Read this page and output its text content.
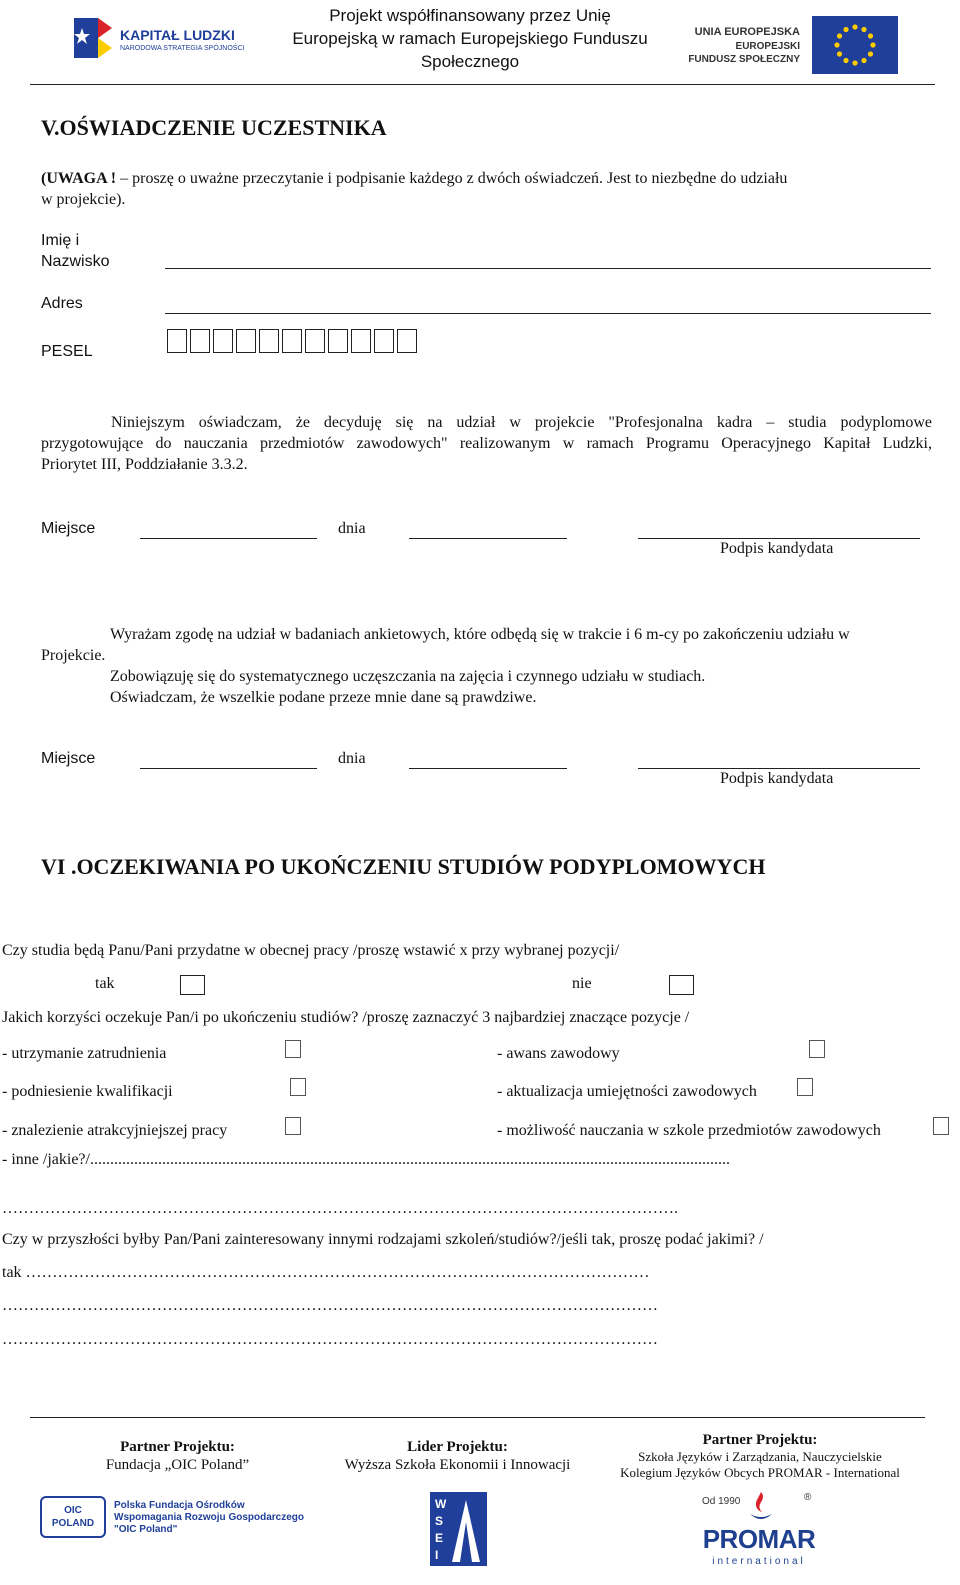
KAPITAŁ LUDZKI
NARODOWA STRATEGIA SPÓJNOŚCI
Projekt współfinansowany przez Unię
Europejską w ramach Europejskiego Funduszu
Społecznego
UNIA EUROPEJSKA
EUROPEJSKI
FUNDUSZ SPOŁECZNY
V.OŚWIADCZENIE UCZESTNIKA
(UWAGA ! – proszę o uważne przeczytanie i podpisanie każdego z dwóch oświadczeń. Jest to niezbędne do udziału
w projekcie).
Imię i
Nazwisko
Adres
PESEL
Niniejszym oświadczam, że decyduję się na udział w projekcie "Profesjonalna kadra – studia podyplomowe
przygotowujące do nauczania przedmiotów zawodowych" realizowanym w ramach Programu Operacyjnego Kapitał Ludzki,
Priorytet III, Poddziałanie 3.3.2.
Miejsce	dnia
Podpis kandydata
Wyrażam zgodę na udział w badaniach ankietowych, które odbędą się w trakcie i 6 m-cy po zakończeniu udziału w
Projekcie.
Zobowiązuję się do systematycznego uczęszczania na zajęcia i czynnego udziału w studiach.
Oświadczam, że wszelkie podane przeze mnie dane są prawdziwe.
Miejsce	dnia
Podpis kandydata
VI .OCZEKIWANIA PO UKOŃCZENIU STUDIÓW PODYPLOMOWYCH
Czy studia będą Panu/Pani przydatne w obecnej pracy /proszę wstawić x przy wybranej pozycji/
tak	nie
Jakich korzyści oczekuje Pan/i po ukończeniu studiów? /proszę zaznaczyć 3 najbardziej znaczące pozycje /
- utrzymanie zatrudnienia	- awans zawodowy
- podniesienie kwalifikacji	- aktualizacja umiejętności zawodowych
- znalezienie atrakcyjniejszej pracy	- możliwość nauczania w szkole przedmiotów zawodowych
- inne /jakie?/................................................................................................................................................................
……………………………………………………………………………………………………………….
Czy w przyszłości byłby Pan/Pani zainteresowany innymi rodzajami szkoleń/studiów?/jeśli tak, proszę podać jakimi? /
tak ………………………………………………………………………………………………………
……………………………………………………………………………………………………………
……………………………………………………………………………………………………………
Partner Projektu:
Fundacja „OIC Poland”
Lider Projektu:
Wyższa Szkoła Ekonomii i Innowacji
Partner Projektu:
Szkoła Języków i Zarządzania, Nauczycielskie
Kolegium Języków Obcych PROMAR - International
OIC
POLAND
Polska Fundacja Ośrodków
Wspomagania Rozwoju Gospodarczego
"OIC Poland"
WSEI
Od 1990	®
PROMAR
international
